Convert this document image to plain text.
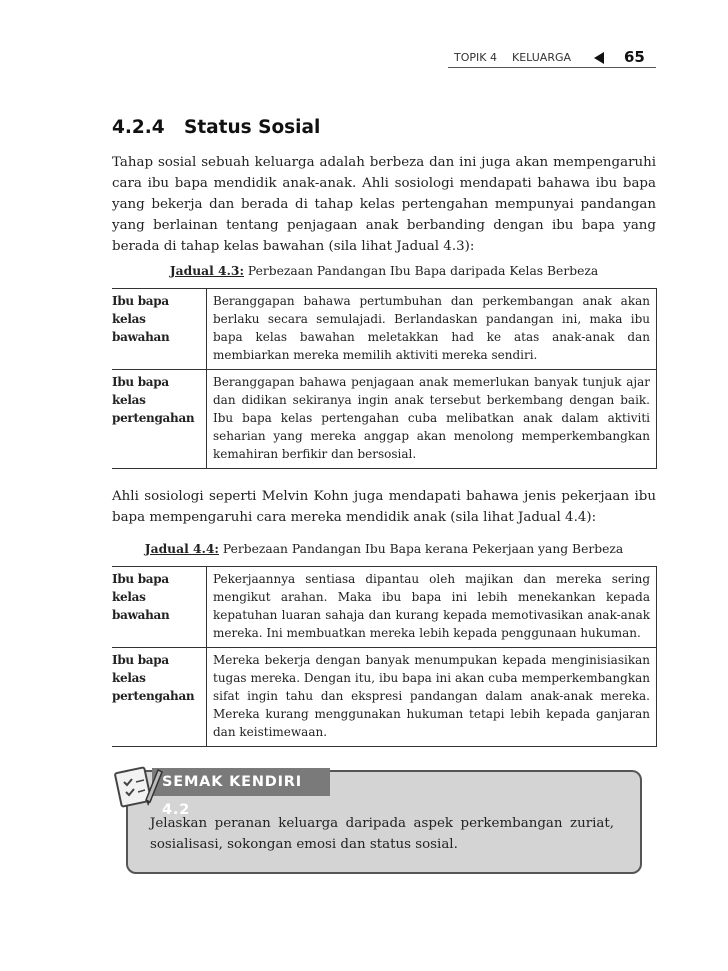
TOPIK 4 KELUARGA	65
4.2.4 Status Sosial
Tahap sosial sebuah keluarga adalah berbeza dan ini juga akan mempengaruhi cara ibu bapa mendidik anak-anak. Ahli sosiologi mendapati bahawa ibu bapa yang bekerja dan berada di tahap kelas pertengahan mempunyai pandangan yang berlainan tentang penjagaan anak berbanding dengan ibu bapa yang berada di tahap kelas bawahan (sila lihat Jadual 4.3):
Jadual 4.3: Perbezaan Pandangan Ibu Bapa daripada Kelas Berbeza
Ibu bapa kelas bawahan	Beranggapan bahawa pertumbuhan dan perkembangan anak akan berlaku secara semulajadi. Berlandaskan pandangan ini, maka ibu bapa kelas bawahan meletakkan had ke atas anak-anak dan membiarkan mereka memilih aktiviti mereka sendiri.
Ibu bapa kelas pertengahan	Beranggapan bahawa penjagaan anak memerlukan banyak tunjuk ajar dan didikan sekiranya ingin anak tersebut berkembang dengan baik. Ibu bapa kelas pertengahan cuba melibatkan anak dalam aktiviti seharian yang mereka anggap akan menolong memperkembangkan kemahiran berfikir dan bersosial.
Ahli sosiologi seperti Melvin Kohn juga mendapati bahawa jenis pekerjaan ibu bapa mempengaruhi cara mereka mendidik anak (sila lihat Jadual 4.4):
Jadual 4.4: Perbezaan Pandangan Ibu Bapa kerana Pekerjaan yang Berbeza
Ibu bapa kelas bawahan	Pekerjaannya sentiasa dipantau oleh majikan dan mereka sering mengikut arahan. Maka ibu bapa ini lebih menekankan kepada kepatuhan luaran sahaja dan kurang kepada memotivasikan anak-anak mereka. Ini membuatkan mereka lebih kepada penggunaan hukuman.
Ibu bapa kelas pertengahan	Mereka bekerja dengan banyak menumpukan kepada menginisiasikan tugas mereka. Dengan itu, ibu bapa ini akan cuba memperkembangkan sifat ingin tahu dan ekspresi pandangan dalam anak-anak mereka. Mereka kurang menggunakan hukuman tetapi lebih kepada ganjaran dan keistimewaan.
SEMAK KENDIRI 4.2
Jelaskan peranan keluarga daripada aspek perkembangan zuriat, sosialisasi, sokongan emosi dan status sosial.
